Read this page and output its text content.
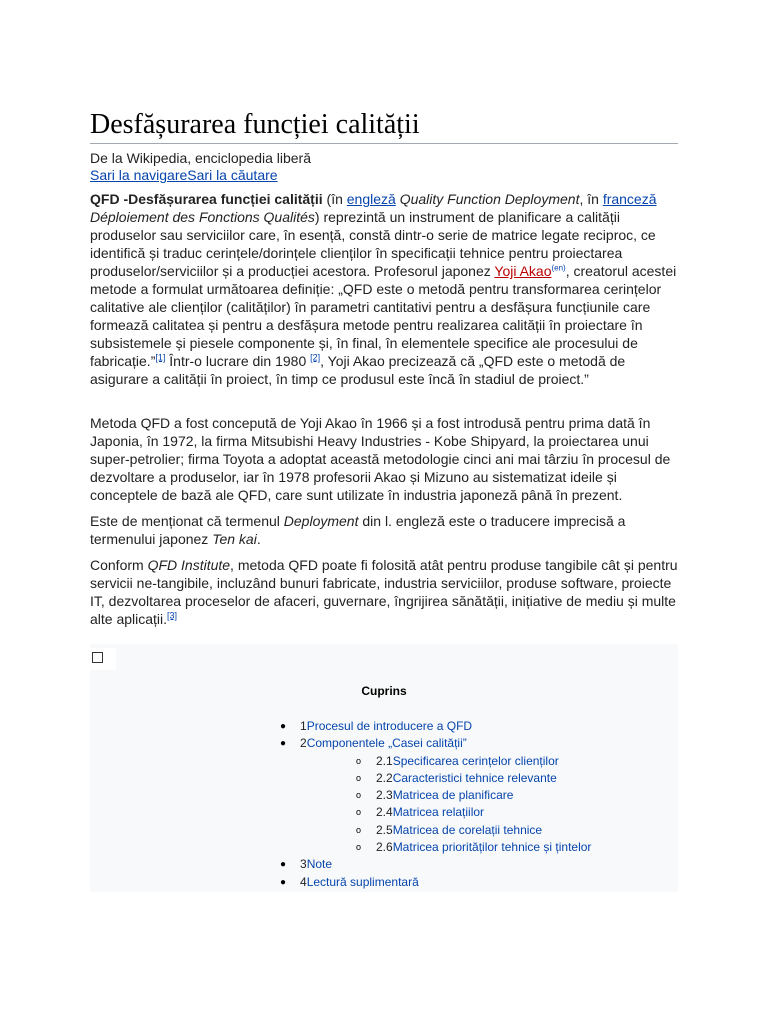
Desfășurarea funcției calității
De la Wikipedia, enciclopedia liberă
Sari la navigareSari la căutare

QFD -Desfășurarea funcției calității (în engleză Quality Function Deployment, în franceză Déploiement des Fonctions Qualités) reprezintă un instrument de planificare a calității produselor sau serviciilor care, în esență, constă dintr-o serie de matrice legate reciproc, ce identifică și traduc cerințele/dorințele clienților în specificații tehnice pentru proiectarea produselor/serviciilor și a producției acestora. Profesorul japonez Yoji Akao$^{(en)}$, creatorul acestei metode a formulat următoarea definiție: „QFD este o metodă pentru transformarea cerințelor calitative ale clienților (calităților) în parametri cantitativi pentru a desfășura funcțiunile care formează calitatea și pentru a desfășura metode pentru realizarea calității în proiectare în subsistemele și piesele componente și, în final, în elementele specifice ale procesului de fabricație.”[1] Într-o lucrare din 1980 [2], Yoji Akao precizează că „QFD este o metodă de asigurare a calității în proiect, în timp ce produsul este încă în stadiul de proiect.”

Metoda QFD a fost concepută de Yoji Akao în 1966 și a fost introdusă pentru prima dată în Japonia, în 1972, la firma Mitsubishi Heavy Industries - Kobe Shipyard, la proiectarea unui super-petrolier; firma Toyota a adoptat această metodologie cinci ani mai târziu în procesul de dezvoltare a produselor, iar în 1978 profesorii Akao și Mizuno au sistematizat ideile și conceptele de bază ale QFD, care sunt utilizate în industria japoneză până în prezent.

Este de menționat că termenul Deployment din l. engleză este o traducere imprecisă a termenului japonez Ten kai.

Conform QFD Institute, metoda QFD poate fi folosită atât pentru produse tangibile cât și pentru servicii ne-tangibile, incluzând bunuri fabricate, industria serviciilor, produse software, proiecte IT, dezvoltarea proceselor de afaceri, guvernare, îngrijirea sănătății, inițiative de mediu și multe alte aplicații.[3]

Cuprins
● 1Procesul de introducere a QFD
● 2Componentele „Casei calității”
o 2.1Specificarea cerințelor clienților
o 2.2Caracteristici tehnice relevante
o 2.3Matricea de planificare
o 2.4Matricea relațiilor
o 2.5Matricea de corelații tehnice
o 2.6Matricea priorităților tehnice și țintelor
● 3Note
● 4Lectură suplimentară
